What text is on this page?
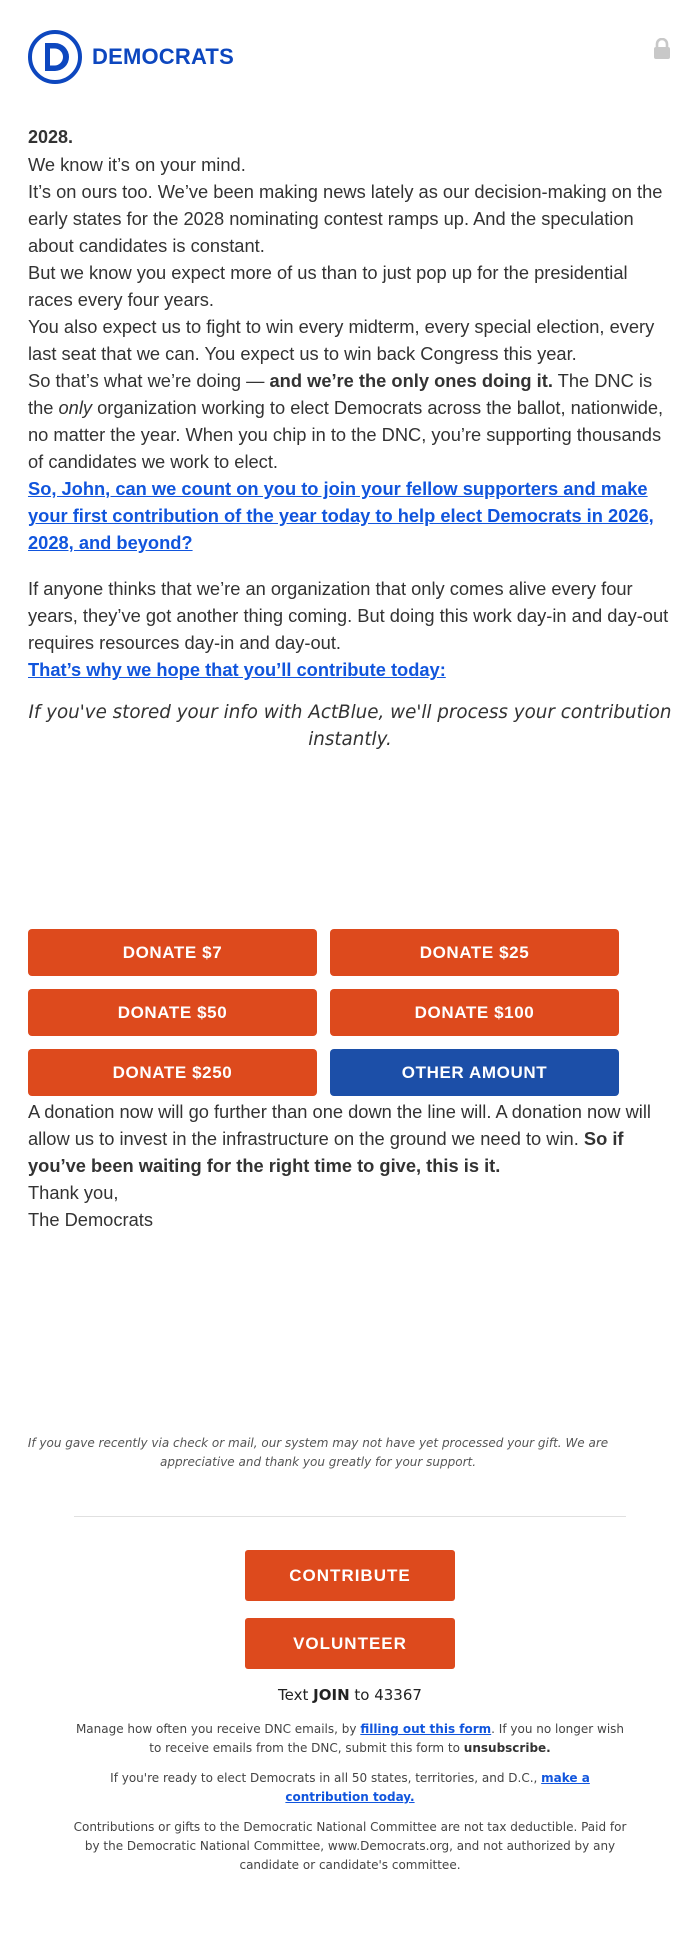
DEMOCRATS

2028.

We know it’s on your mind.

It’s on ours too. We’ve been making news lately as our decision-making on the early states for the 2028 nominating contest ramps up. And the speculation about candidates is constant.

But we know you expect more of us than to just pop up for the presidential races every four years.

You also expect us to fight to win every midterm, every special election, every last seat that we can. You expect us to win back Congress this year.

So that’s what we’re doing — and we’re the only ones doing it. The DNC is the only organization working to elect Democrats across the ballot, nationwide, no matter the year. When you chip in to the DNC, you’re supporting thousands of candidates we work to elect.

So, John, can we count on you to join your fellow supporters and make your first contribution of the year today to help elect Democrats in 2026, 2028, and beyond?

If anyone thinks that we’re an organization that only comes alive every four years, they’ve got another thing coming. But doing this work day-in and day-out requires resources day-in and day-out.

That’s why we hope that you’ll contribute today:

If you've stored your info with ActBlue, we'll process your contribution instantly.

DONATE $7	DONATE $25
DONATE $50	DONATE $100
DONATE $250	OTHER AMOUNT

A donation now will go further than one down the line will. A donation now will allow us to invest in the infrastructure on the ground we need to win. So if you’ve been waiting for the right time to give, this is it.

Thank you,

The Democrats

If you gave recently via check or mail, our system may not have yet processed your gift. We are appreciative and thank you greatly for your support.

CONTRIBUTE
VOLUNTEER

Text JOIN to 43367

Manage how often you receive DNC emails, by filling out this form. If you no longer wish to receive emails from the DNC, submit this form to unsubscribe.

If you're ready to elect Democrats in all 50 states, territories, and D.C., make a contribution today.

Contributions or gifts to the Democratic National Committee are not tax deductible. Paid for by the Democratic National Committee, www.Democrats.org, and not authorized by any candidate or candidate's committee.
